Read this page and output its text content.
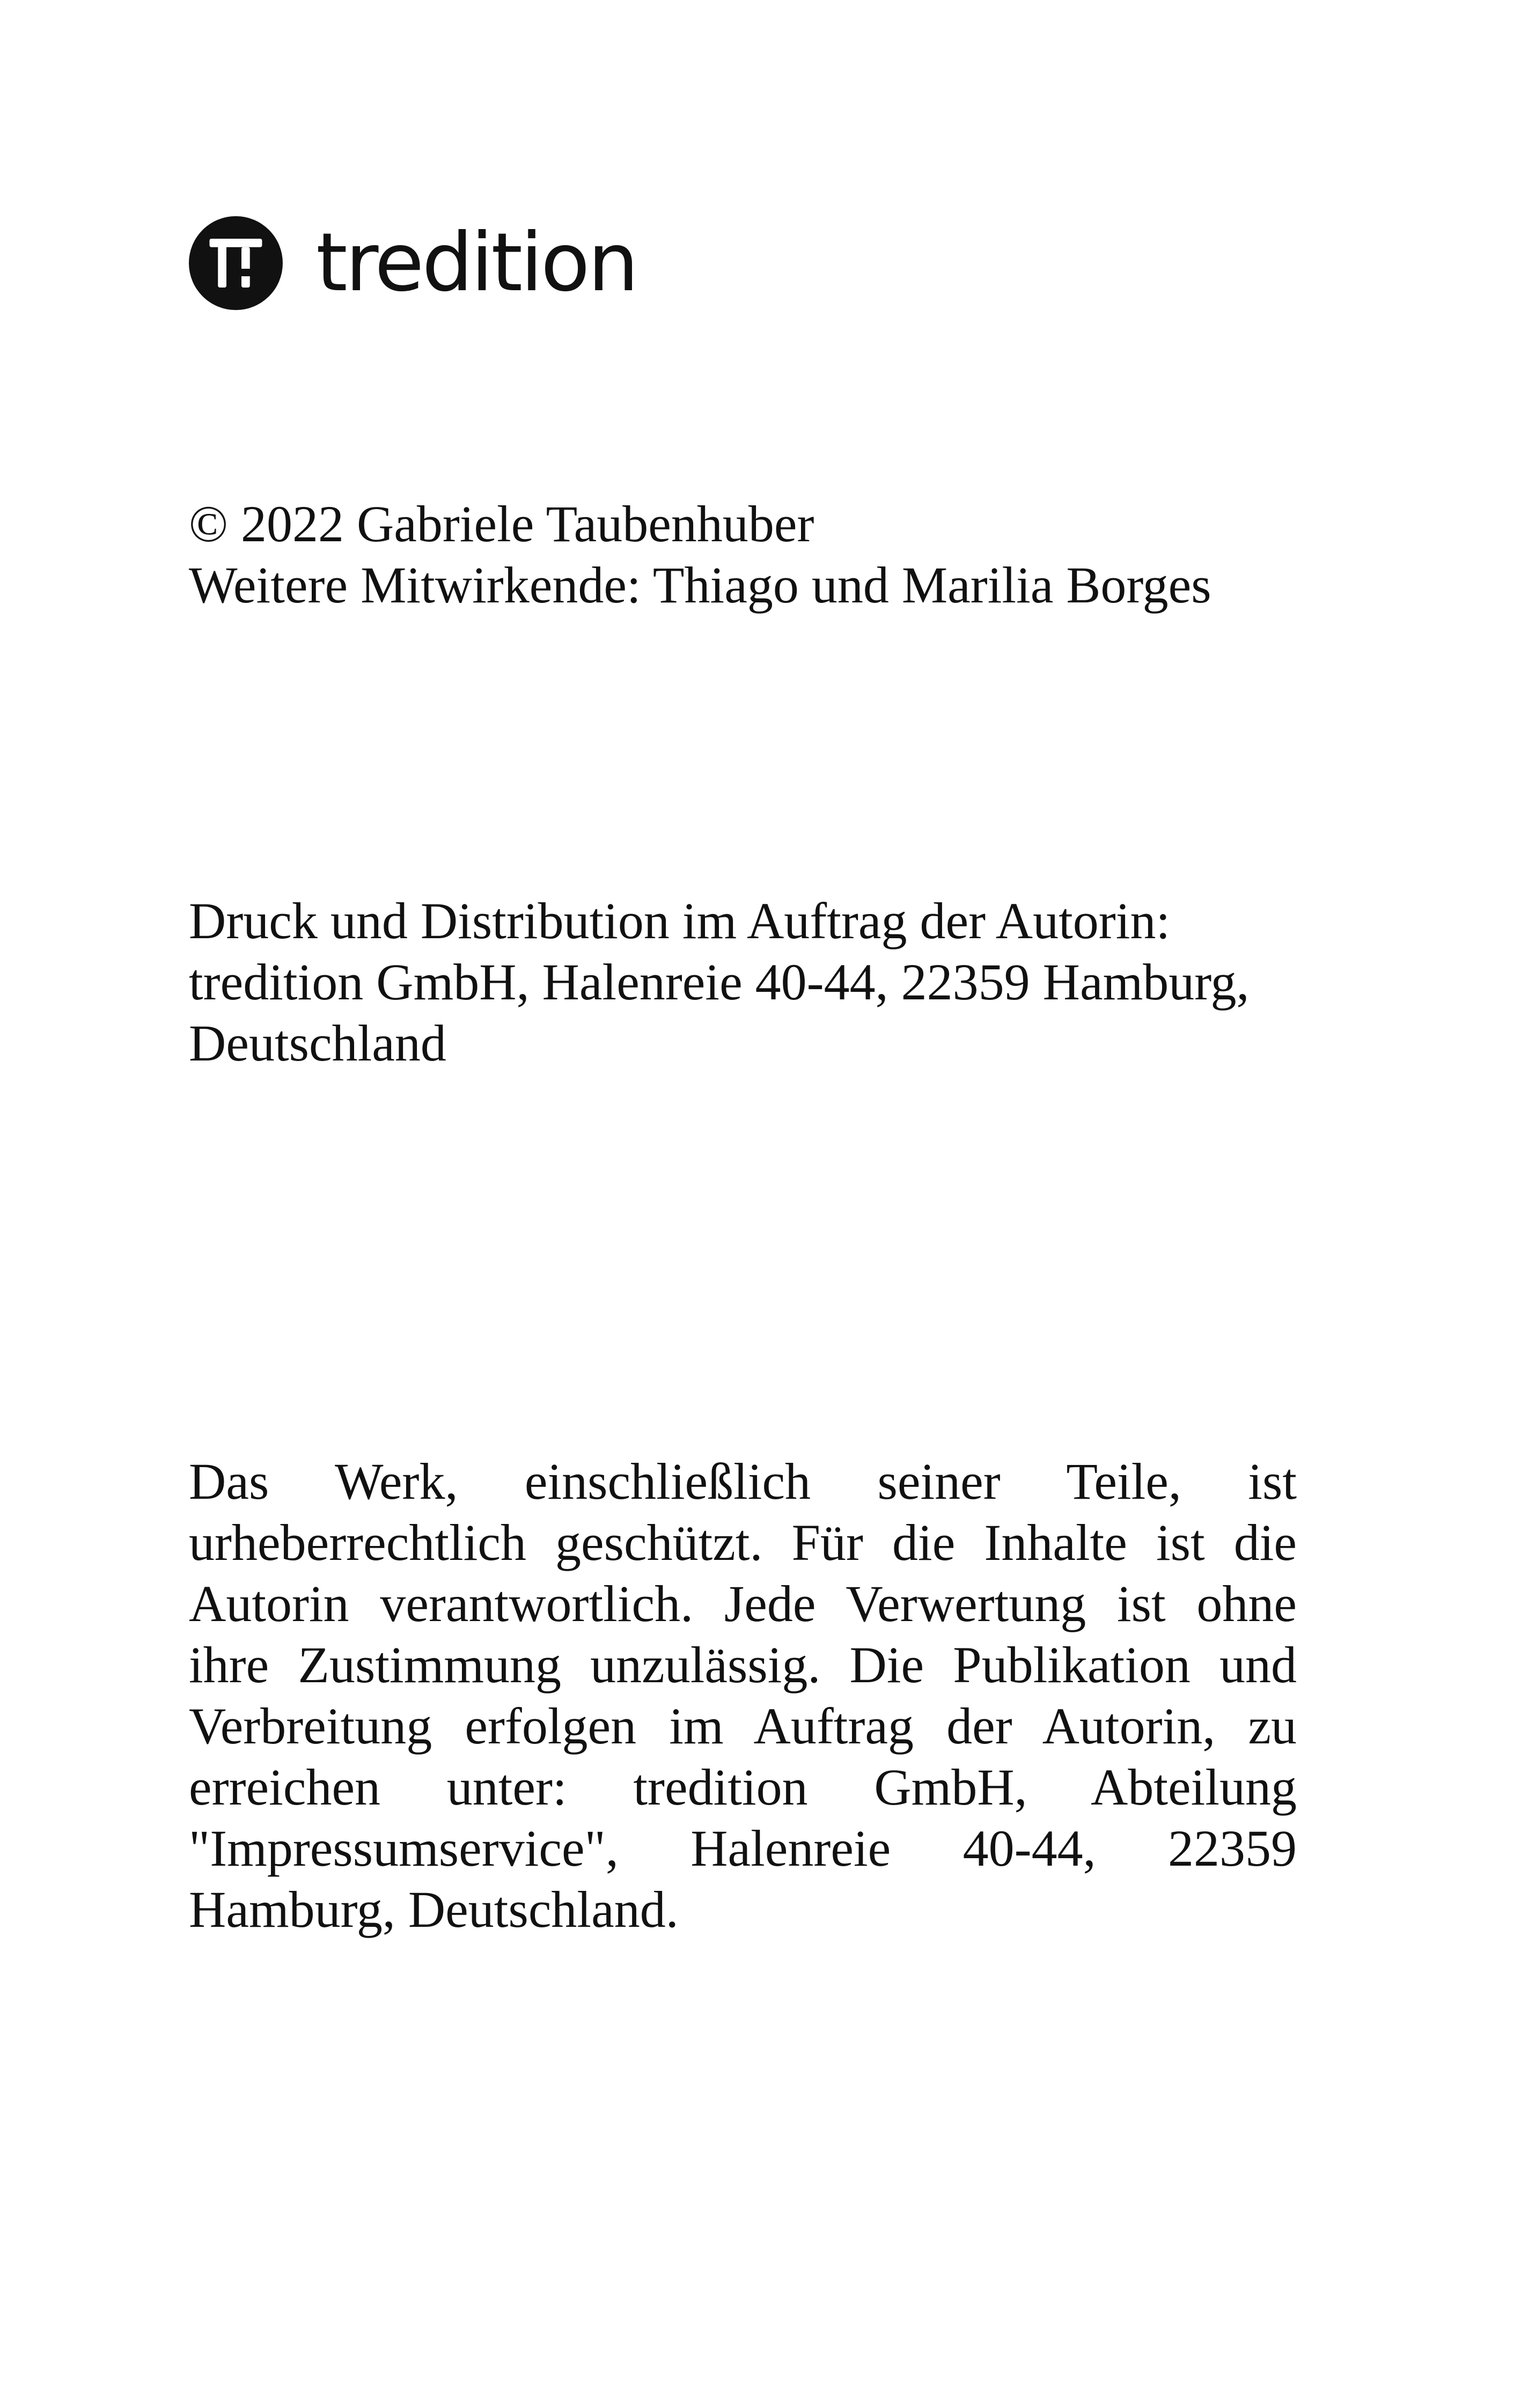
tredition
© 2022 Gabriele Taubenhuber
Weitere Mitwirkende: Thiago und Marilia Borges
Druck und Distribution im Auftrag der Autorin:
tredition GmbH, Halenreie 40-44, 22359 Hamburg,
Deutschland
Das Werk, einschließlich seiner Teile, ist
urheberrechtlich geschützt. Für die Inhalte ist die
Autorin verantwortlich. Jede Verwertung ist ohne
ihre Zustimmung unzulässig. Die Publikation und
Verbreitung erfolgen im Auftrag der Autorin, zu
erreichen unter: tredition GmbH, Abteilung
"Impressumservice", Halenreie 40-44, 22359
Hamburg, Deutschland.
